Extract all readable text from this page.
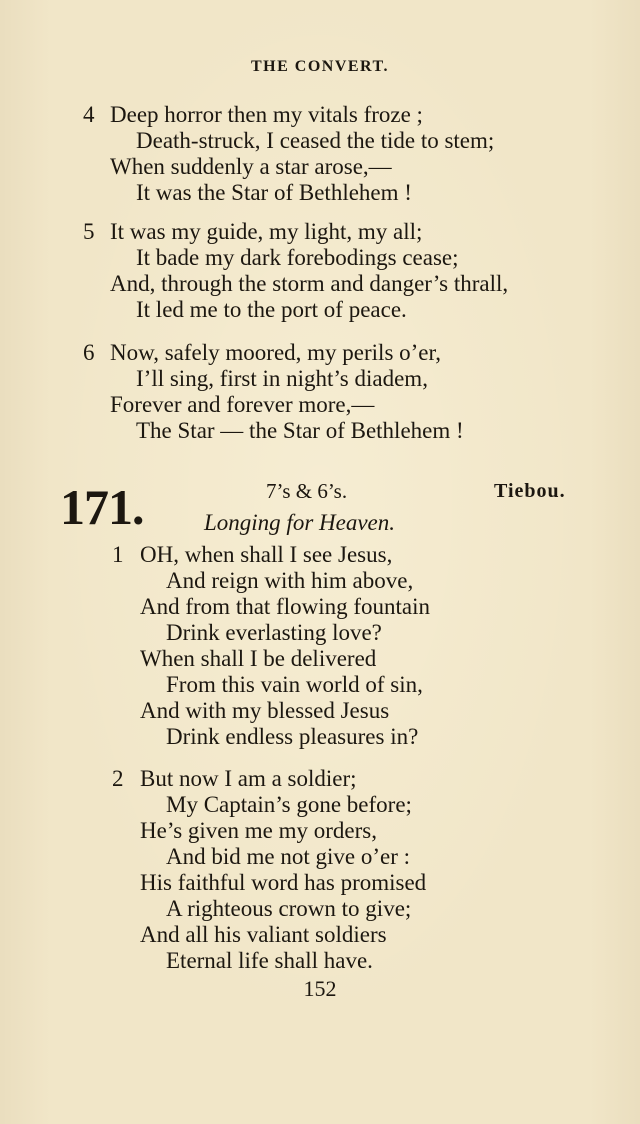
THE CONVERT.
4 Deep horror then my vitals froze ;
Death-struck, I ceased the tide to stem;
When suddenly a star arose,—
It was the Star of Bethlehem !
5 It was my guide, my light, my all;
It bade my dark forebodings cease;
And, through the storm and danger’s thrall,
It led me to the port of peace.
6 Now, safely moored, my perils o’er,
I’ll sing, first in night’s diadem,
Forever and forever more,—
The Star — the Star of Bethlehem !
171.	7’s & 6’s.	Tiebou.
Longing for Heaven.
1 OH, when shall I see Jesus,
And reign with him above,
And from that flowing fountain
Drink everlasting love?
When shall I be delivered
From this vain world of sin,
And with my blessed Jesus
Drink endless pleasures in?
2 But now I am a soldier;
My Captain’s gone before;
He’s given me my orders,
And bid me not give o’er :
His faithful word has promised
A righteous crown to give;
And all his valiant soldiers
Eternal life shall have.
152
